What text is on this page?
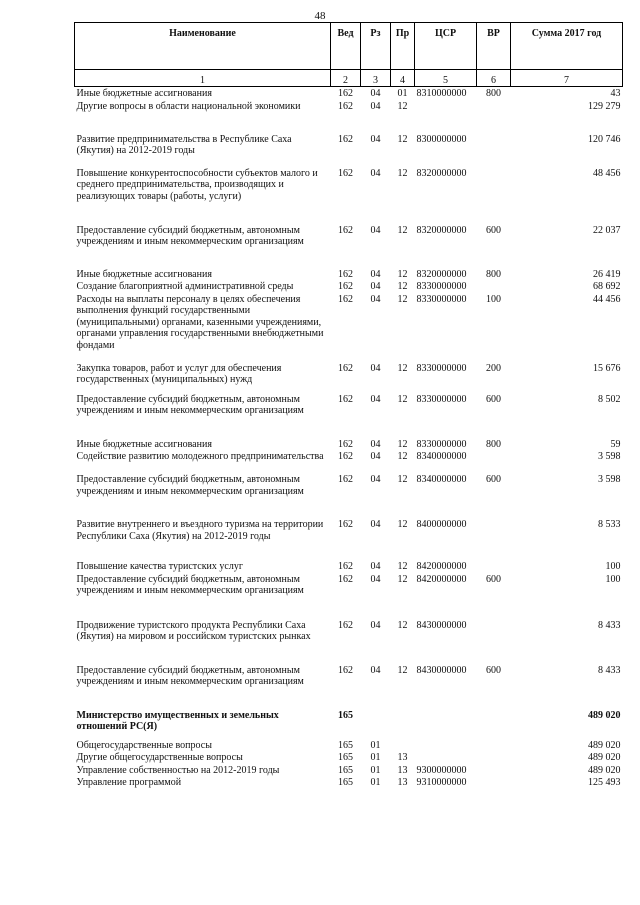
48
Наименование	Вед	Рз	Пр	ЦСР	ВР	Сумма 2017 год
1	2	3	4	5	6	7
Иные бюджетные ассигнования	162	04	01	8310000000	800	43
Другие вопросы в области национальной экономики	162	04	12			129 279
Развитие предпринимательства в Республике Саха (Якутия) на 2012-2019 годы	162	04	12	8300000000		120 746
Повышение конкурентоспособности субъектов малого и среднего предпринимательства, производящих и реализующих товары (работы, услуги)	162	04	12	8320000000		48 456
Предоставление субсидий бюджетным, автономным учреждениям и иным некоммерческим организациям	162	04	12	8320000000	600	22 037
Иные бюджетные ассигнования	162	04	12	8320000000	800	26 419
Создание благоприятной административной среды	162	04	12	8330000000		68 692
Расходы на выплаты персоналу в целях обеспечения выполнения функций государственными (муниципальными) органами, казенными учреждениями, органами управления государственными внебюджетными фондами	162	04	12	8330000000	100	44 456
Закупка товаров, работ и услуг для обеспечения государственных (муниципальных) нужд	162	04	12	8330000000	200	15 676
Предоставление субсидий бюджетным, автономным учреждениям и иным некоммерческим организациям	162	04	12	8330000000	600	8 502
Иные бюджетные ассигнования	162	04	12	8330000000	800	59
Содействие развитию молодежного предпринимательства	162	04	12	8340000000		3 598
Предоставление субсидий бюджетным, автономным учреждениям и иным некоммерческим организациям	162	04	12	8340000000	600	3 598
Развитие внутреннего и въездного туризма на территории Республики Саха (Якутия) на 2012-2019 годы	162	04	12	8400000000		8 533
Повышение качества туристских услуг	162	04	12	8420000000		100
Предоставление субсидий бюджетным, автономным учреждениям и иным некоммерческим организациям	162	04	12	8420000000	600	100
Продвижение туристского продукта Республики Саха (Якутия) на мировом и российском туристских рынках	162	04	12	8430000000		8 433
Предоставление субсидий бюджетным, автономным учреждениям и иным некоммерческим организациям	162	04	12	8430000000	600	8 433
Министерство имущественных и земельных отношений РС(Я)	165					489 020
Общегосударственные вопросы	165	01				489 020
Другие общегосударственные вопросы	165	01	13			489 020
Управление собственностью на 2012-2019 годы	165	01	13	9300000000		489 020
Управление программой	165	01	13	9310000000		125 493
